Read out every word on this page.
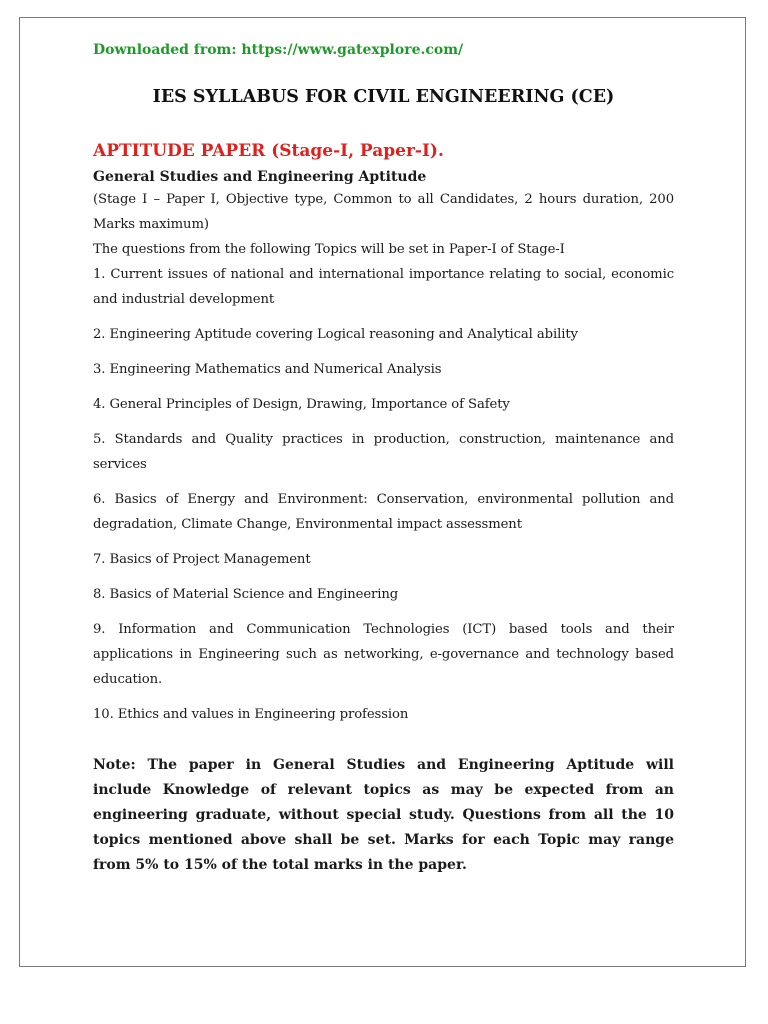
Downloaded from: https://www.gatexplore.com/

IES SYLLABUS FOR CIVIL ENGINEERING (CE)
APTITUDE PAPER (Stage-I, Paper-I).
General Studies and Engineering Aptitude

(Stage I – Paper I, Objective type, Common to all Candidates, 2 hours duration, 200 Marks maximum)

The questions from the following Topics will be set in Paper-I of Stage-I

1. Current issues of national and international importance relating to social, economic and industrial development

2. Engineering Aptitude covering Logical reasoning and Analytical ability

3. Engineering Mathematics and Numerical Analysis

4. General Principles of Design, Drawing, Importance of Safety

5. Standards and Quality practices in production, construction, maintenance and services

6. Basics of Energy and Environment: Conservation, environmental pollution and degradation, Climate Change, Environmental impact assessment

7. Basics of Project Management

8. Basics of Material Science and Engineering

9. Information and Communication Technologies (ICT) based tools and their applications in Engineering such as networking, e-governance and technology based education.

10. Ethics and values in Engineering profession

Note: The paper in General Studies and Engineering Aptitude will include Knowledge of relevant topics as may be expected from an engineering graduate, without special study. Questions from all the 10 topics mentioned above shall be set. Marks for each Topic may range from 5% to 15% of the total marks in the paper.
